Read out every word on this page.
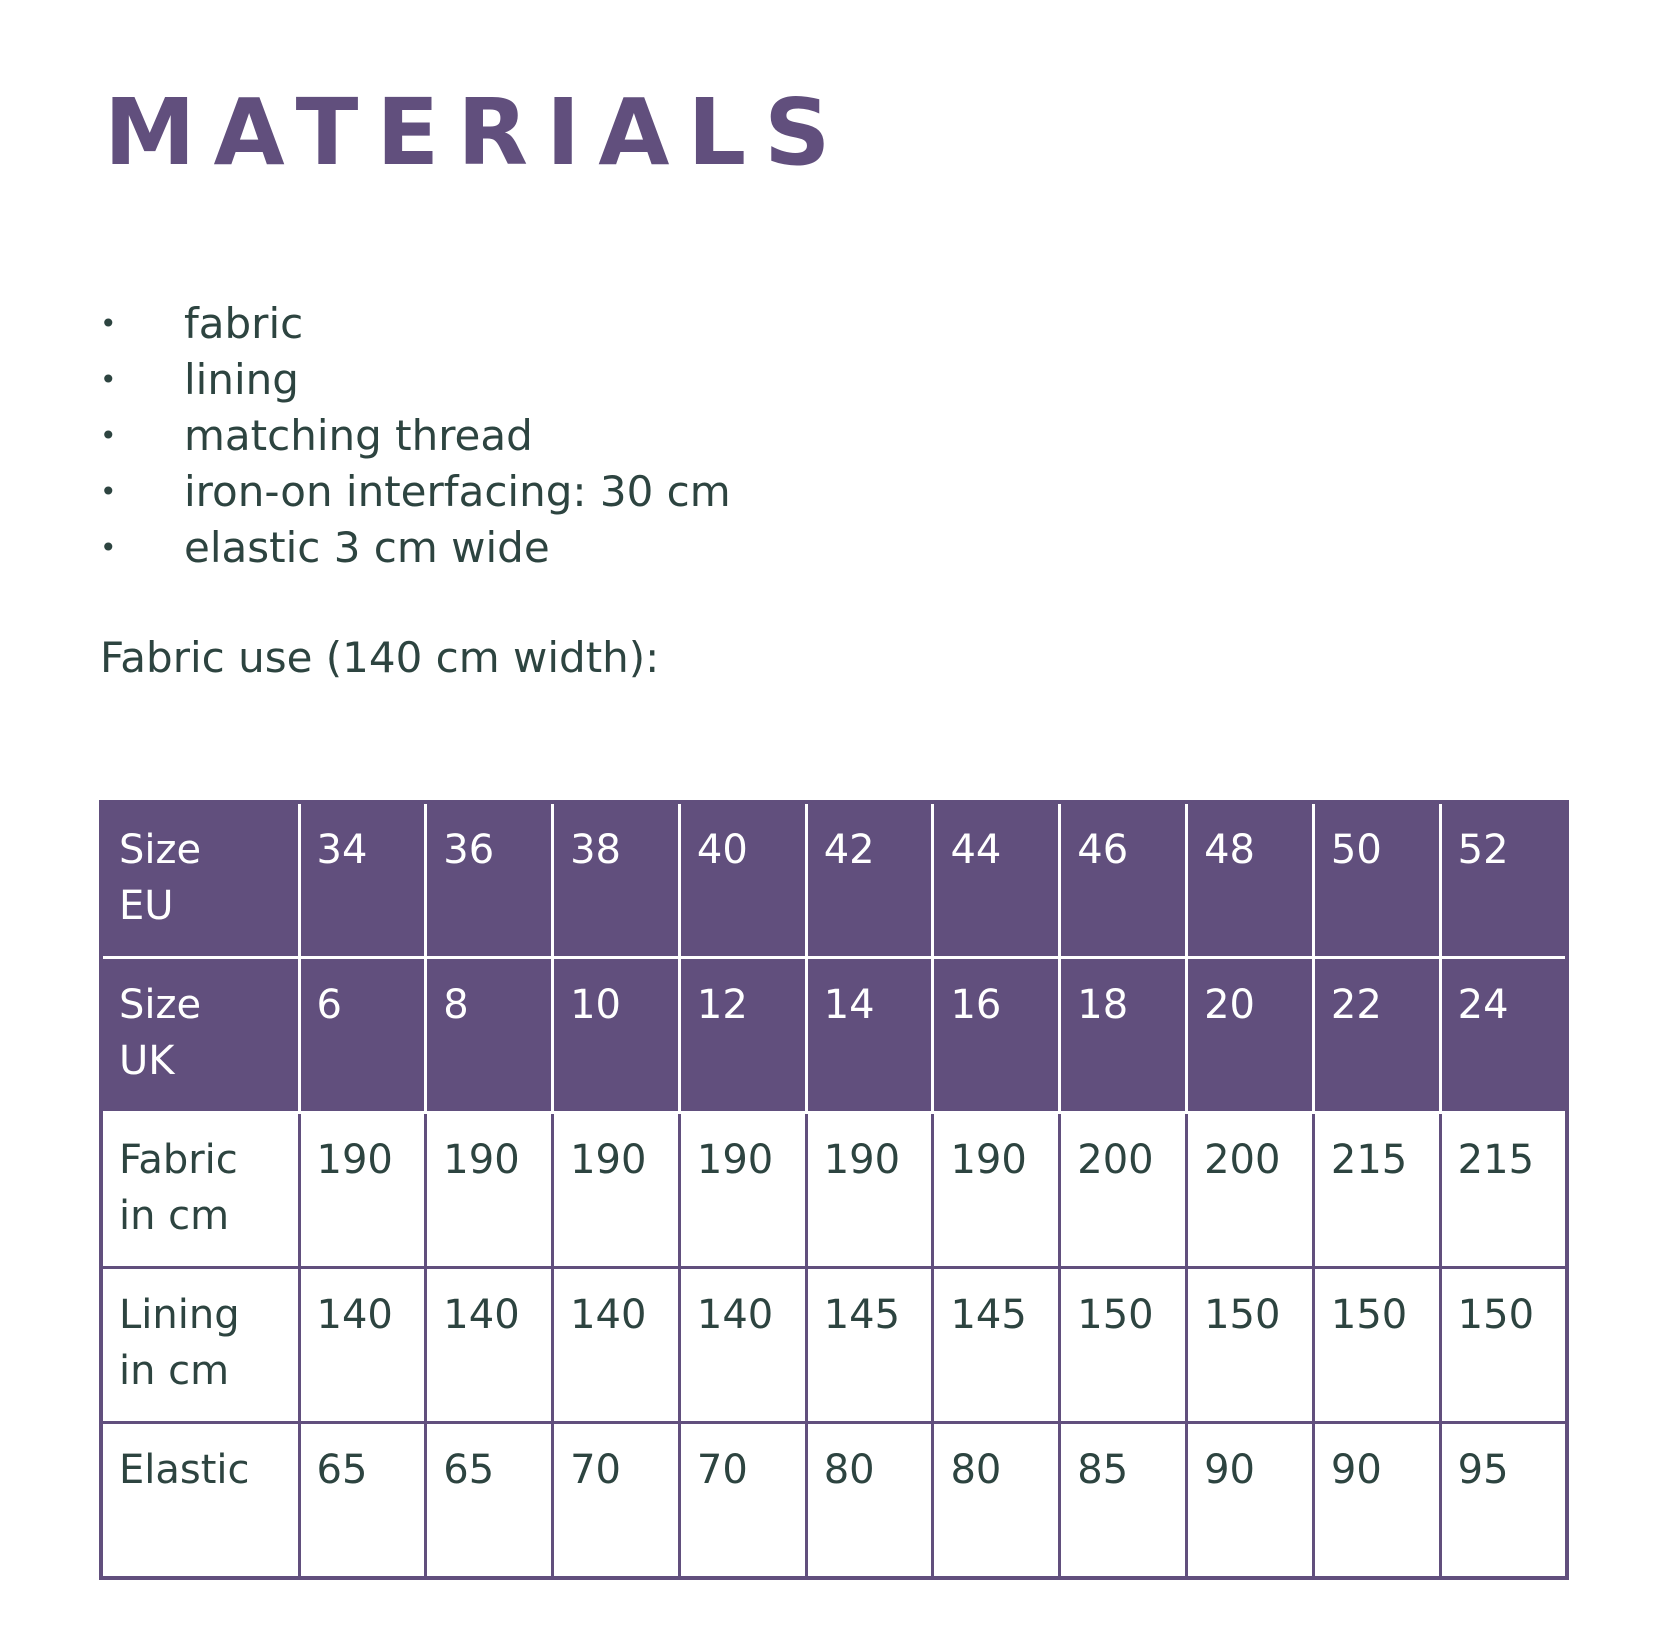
MATERIALS
• fabric
• lining
• matching thread
• iron-on interfacing: 30 cm
• elastic 3 cm wide

Fabric use (140 cm width):

Size
EU	34	36	38	40	42	44	46	48	50	52
Size
UK	6	8	10	12	14	16	18	20	22	24
Fabric
in cm	190	190	190	190	190	190	200	200	215	215
Lining
in cm	140	140	140	140	145	145	150	150	150	150
Elastic	65	65	70	70	80	80	85	90	90	95
